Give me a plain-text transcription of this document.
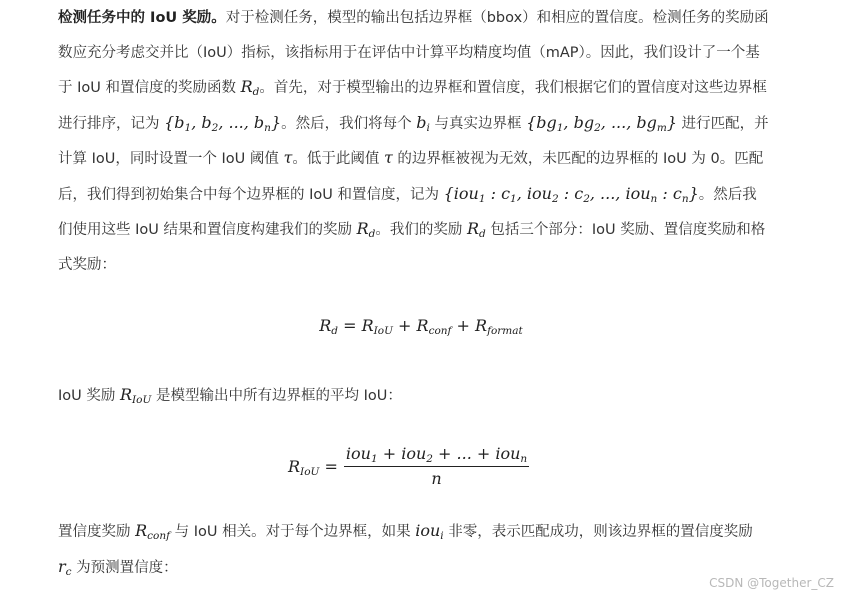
检测任务中的 IoU 奖励。对于检测任务，模型的输出包括边界框（bbox）和相应的置信度。检测任务的奖励函数应充分考虑交并比（IoU）指标，该指标用于在评估中计算平均精度均值（mAP）。因此，我们设计了一个基于 IoU 和置信度的奖励函数 $R_d$。首先，对于模型输出的边界框和置信度，我们根据它们的置信度对这些边界框进行排序，记为 {$b_1$, $b_2$, ..., $b_n$}。然后，我们将每个 $b_i$ 与真实边界框 {$bg_1$, $bg_2$, ..., $bg_m$} 进行匹配，并计算 IoU，同时设置一个 IoU 阈值 τ。低于此阈值 τ 的边界框被视为无效，未匹配的边界框的 IoU 为 0。匹配后，我们得到初始集合中每个边界框的 IoU 和置信度，记为 {iou$_1$ : $c_1$, iou$_2$ : $c_2$, ..., iou$_n$ : $c_n$}。然后我们使用这些 IoU 结果和置信度构建我们的奖励 $R_d$。我们的奖励 $R_d$ 包括三个部分：IoU 奖励、置信度奖励和格式奖励：
$R_d = R_{IoU} + R_{conf} + R_{format}$
IoU 奖励 $R_{IoU}$ 是模型输出中所有边界框的平均 IoU：
$R_{IoU} = \frac{iou_1 + iou_2 + ... + iou_n}{n}$
置信度奖励 $R_{conf}$ 与 IoU 相关。对于每个边界框，如果 iou$_i$ 非零，表示匹配成功，则该边界框的置信度奖励 $r_c$ 为预测置信度：
CSDN @Together_CZ
